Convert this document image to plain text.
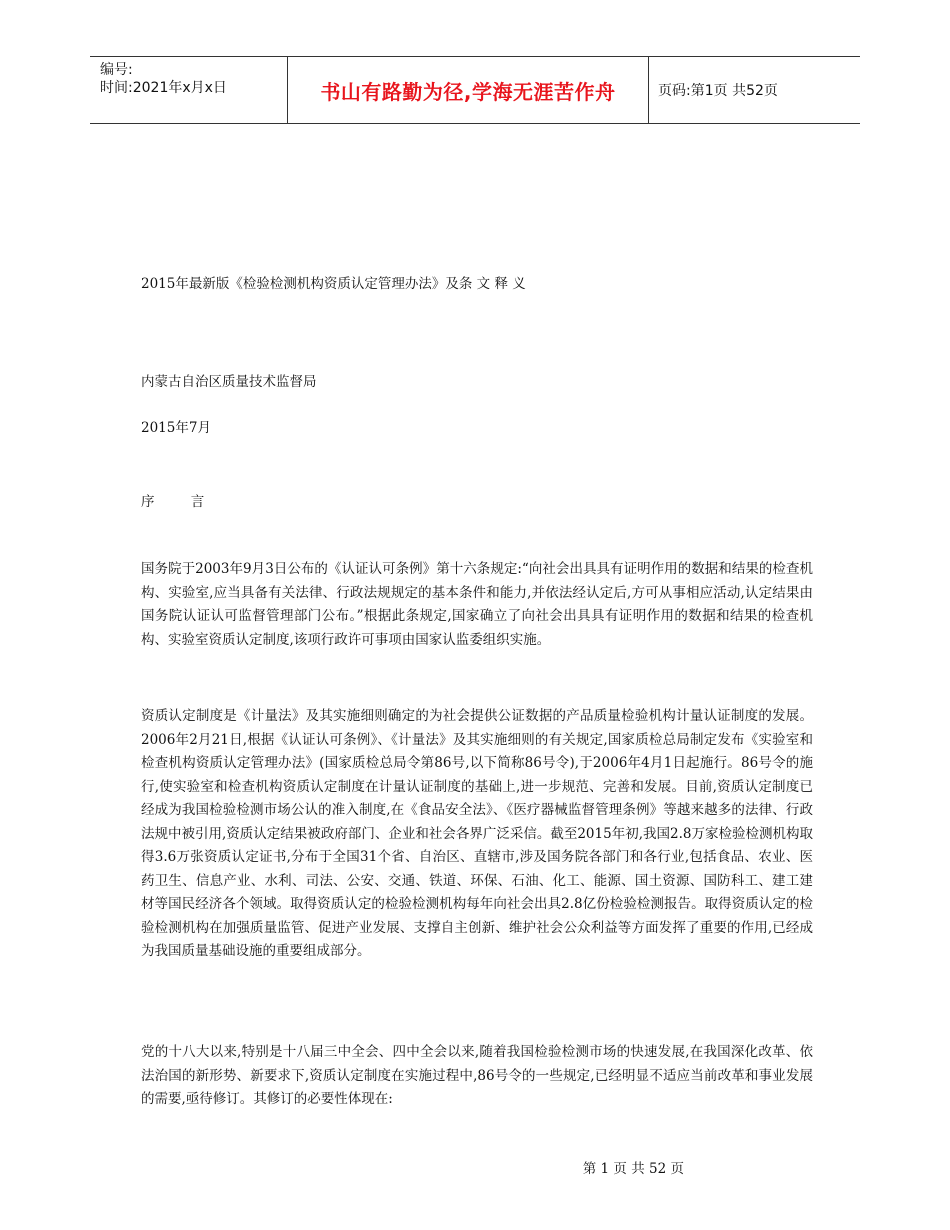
编号:
时间:2021年x月x日	书山有路勤为径,学海无涯苦作舟	页码:第1页 共52页
2015年最新版《检验检测机构资质认定管理办法》及条 文 释 义
内蒙古自治区质量技术监督局
2015年7月
序 言

国务院于2003年9月3日公布的《认证认可条例》第十六条规定:“向社会出具具有证明作用的数据和结果的检查机构、实验室,应当具备有关法律、行政法规规定的基本条件和能力,并依法经认定后,方可从事相应活动,认定结果由国务院认证认可监督管理部门公布。”根据此条规定,国家确立了向社会出具具有证明作用的数据和结果的检查机构、实验室资质认定制度,该项行政许可事项由国家认监委组织实施。

资质认定制度是《计量法》及其实施细则确定的为社会提供公证数据的产品质量检验机构计量认证制度的发展。2006年2月21日,根据《认证认可条例》、《计量法》及其实施细则的有关规定,国家质检总局制定发布《实验室和检查机构资质认定管理办法》(国家质检总局令第86号,以下简称86号令),于2006年4月1日起施行。86号令的施行,使实验室和检查机构资质认定制度在计量认证制度的基础上,进一步规范、完善和发展。目前,资质认定制度已经成为我国检验检测市场公认的准入制度,在《食品安全法》、《医疗器械监督管理条例》等越来越多的法律、行政法规中被引用,资质认定结果被政府部门、企业和社会各界广泛采信。截至2015年初,我国2.8万家检验检测机构取得3.6万张资质认定证书,分布于全国31个省、自治区、直辖市,涉及国务院各部门和各行业,包括食品、农业、医药卫生、信息产业、水利、司法、公安、交通、铁道、环保、石油、化工、能源、国土资源、国防科工、建工建材等国民经济各个领域。取得资质认定的检验检测机构每年向社会出具2.8亿份检验检测报告。取得资质认定的检验检测机构在加强质量监管、促进产业发展、支撑自主创新、维护社会公众利益等方面发挥了重要的作用,已经成为我国质量基础设施的重要组成部分。

党的十八大以来,特别是十八届三中全会、四中全会以来,随着我国检验检测市场的快速发展,在我国深化改革、依法治国的新形势、新要求下,资质认定制度在实施过程中,86号令的一些规定,已经明显不适应当前改革和事业发展的需要,亟待修订。其修订的必要性体现在:

第 1 页 共 52 页
